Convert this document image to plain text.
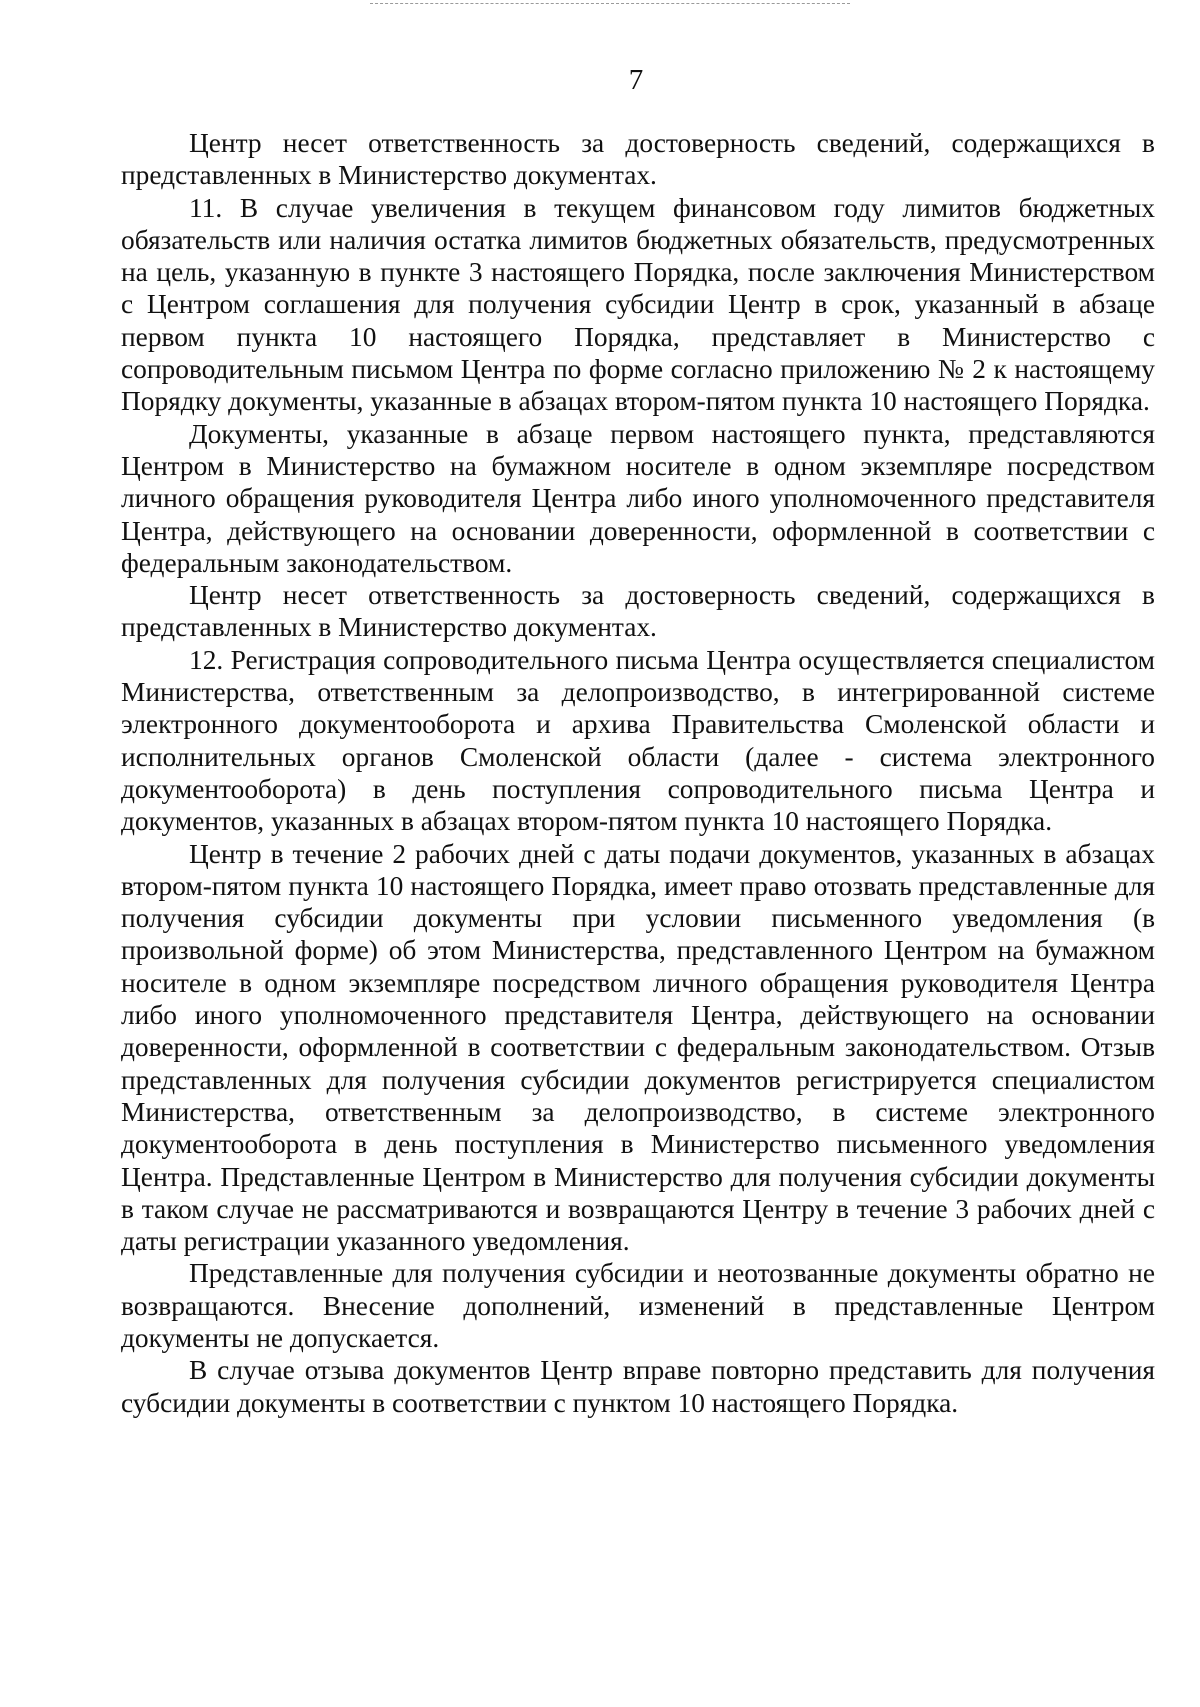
7

Центр несет ответственность за достоверность сведений, содержащихся в представленных в Министерство документах.

11. В случае увеличения в текущем финансовом году лимитов бюджетных обязательств или наличия остатка лимитов бюджетных обязательств, предусмотренных на цель, указанную в пункте 3 настоящего Порядка, после заключения Министерством с Центром соглашения для получения субсидии Центр в срок, указанный в абзаце первом пункта 10 настоящего Порядка, представляет в Министерство с сопроводительным письмом Центра по форме согласно приложению № 2 к настоящему Порядку документы, указанные в абзацах втором-пятом пункта 10 настоящего Порядка.

Документы, указанные в абзаце первом настоящего пункта, представляются Центром в Министерство на бумажном носителе в одном экземпляре посредством личного обращения руководителя Центра либо иного уполномоченного представителя Центра, действующего на основании доверенности, оформленной в соответствии с федеральным законодательством.

Центр несет ответственность за достоверность сведений, содержащихся в представленных в Министерство документах.

12. Регистрация сопроводительного письма Центра осуществляется специалистом Министерства, ответственным за делопроизводство, в интегрированной системе электронного документооборота и архива Правительства Смоленской области и исполнительных органов Смоленской области (далее - система электронного документооборота) в день поступления сопроводительного письма Центра и документов, указанных в абзацах втором-пятом пункта 10 настоящего Порядка.

Центр в течение 2 рабочих дней с даты подачи документов, указанных в абзацах втором-пятом пункта 10 настоящего Порядка, имеет право отозвать представленные для получения субсидии документы при условии письменного уведомления (в произвольной форме) об этом Министерства, представленного Центром на бумажном носителе в одном экземпляре посредством личного обращения руководителя Центра либо иного уполномоченного представителя Центра, действующего на основании доверенности, оформленной в соответствии с федеральным законодательством. Отзыв представленных для получения субсидии документов регистрируется специалистом Министерства, ответственным за делопроизводство, в системе электронного документооборота в день поступления в Министерство письменного уведомления Центра. Представленные Центром в Министерство для получения субсидии документы в таком случае не рассматриваются и возвращаются Центру в течение 3 рабочих дней с даты регистрации указанного уведомления.

Представленные для получения субсидии и неотозванные документы обратно не возвращаются. Внесение дополнений, изменений в представленные Центром документы не допускается.

В случае отзыва документов Центр вправе повторно представить для получения субсидии документы в соответствии с пунктом 10 настоящего Порядка.
